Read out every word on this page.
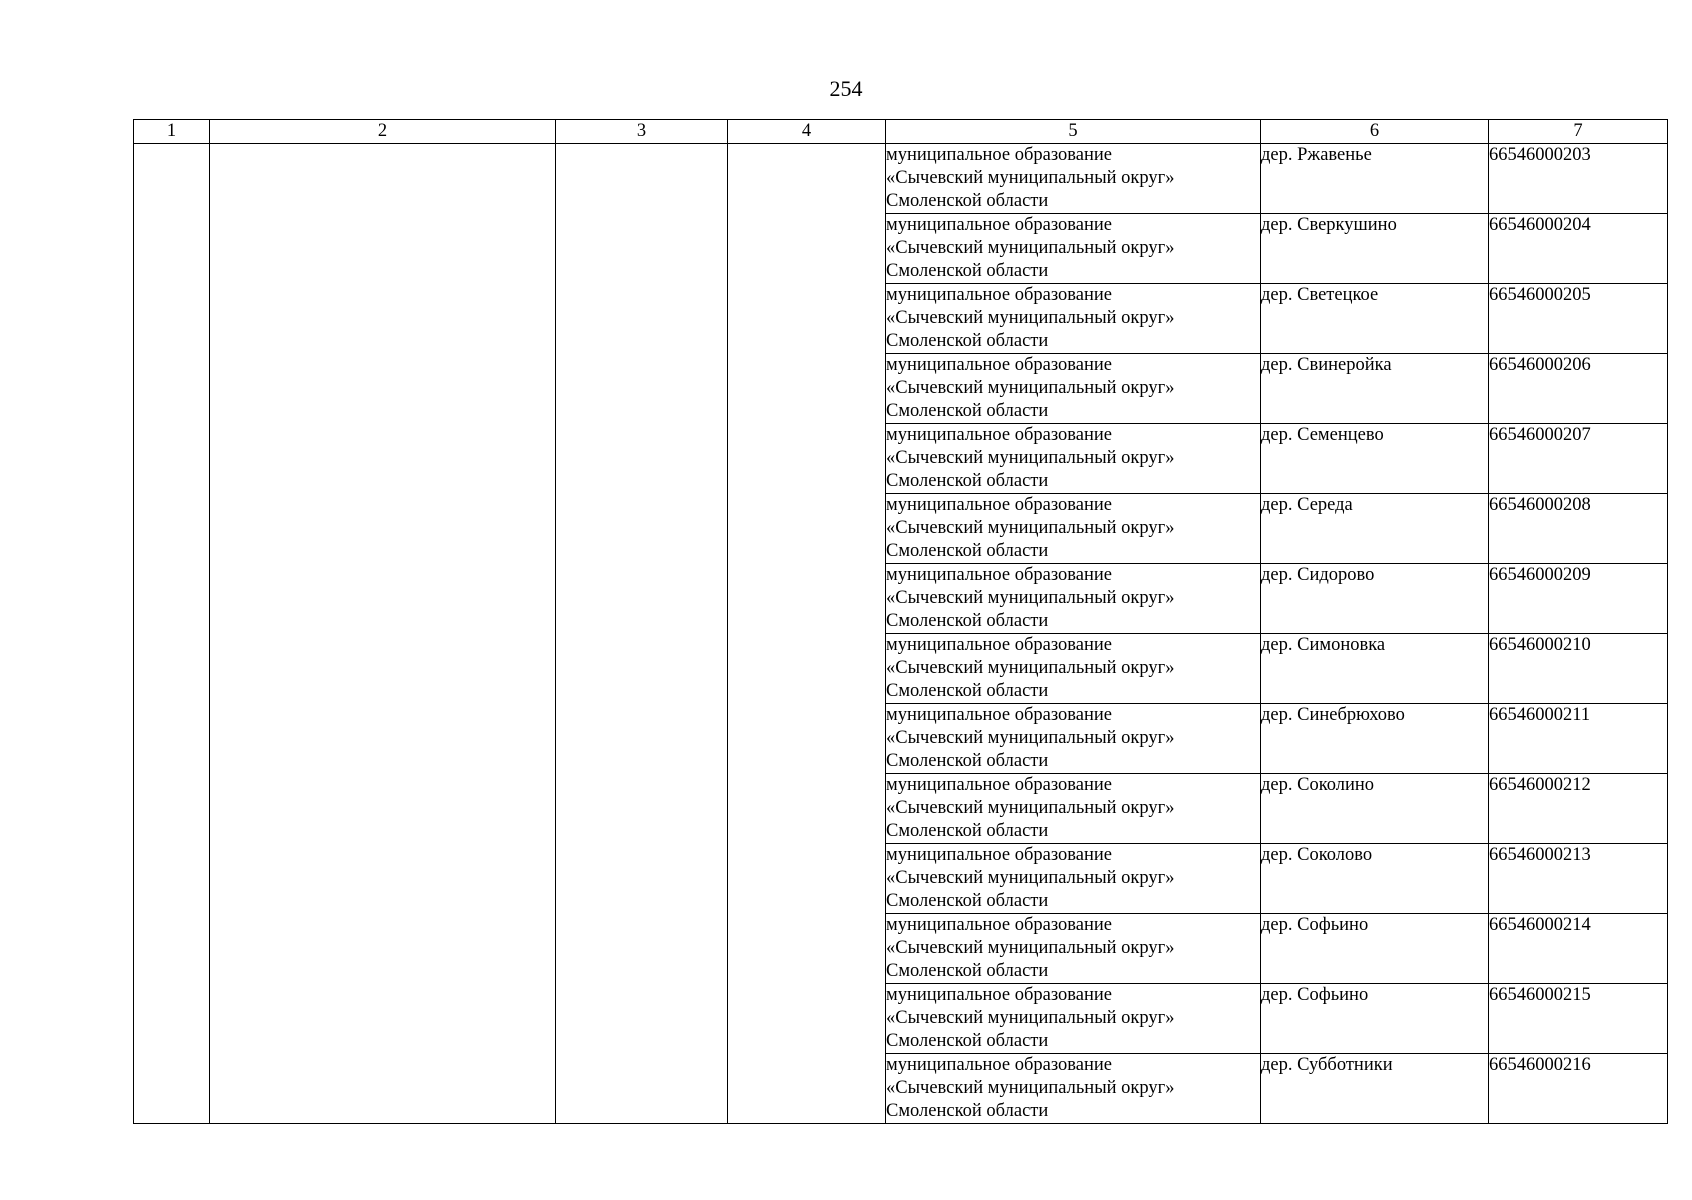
254
1	2	3	4	5	6	7

				муниципальное образование
«Сычевский муниципальный округ»
Смоленской области	дер. Ржавенье	66546000203

				муниципальное образование
«Сычевский муниципальный округ»
Смоленской области	дер. Сверкушино	66546000204

				муниципальное образование
«Сычевский муниципальный округ»
Смоленской области	дер. Светецкое	66546000205

				муниципальное образование
«Сычевский муниципальный округ»
Смоленской области	дер. Свинеройка	66546000206

				муниципальное образование
«Сычевский муниципальный округ»
Смоленской области	дер. Семенцево	66546000207

				муниципальное образование
«Сычевский муниципальный округ»
Смоленской области	дер. Середа	66546000208

				муниципальное образование
«Сычевский муниципальный округ»
Смоленской области	дер. Сидорово	66546000209

				муниципальное образование
«Сычевский муниципальный округ»
Смоленской области	дер. Симоновка	66546000210

				муниципальное образование
«Сычевский муниципальный округ»
Смоленской области	дер. Синебрюхово	66546000211

				муниципальное образование
«Сычевский муниципальный округ»
Смоленской области	дер. Соколино	66546000212

				муниципальное образование
«Сычевский муниципальный округ»
Смоленской области	дер. Соколово	66546000213

				муниципальное образование
«Сычевский муниципальный округ»
Смоленской области	дер. Софьино	66546000214

				муниципальное образование
«Сычевский муниципальный округ»
Смоленской области	дер. Софьино	66546000215

				муниципальное образование
«Сычевский муниципальный округ»
Смоленской области	дер. Субботники	66546000216
